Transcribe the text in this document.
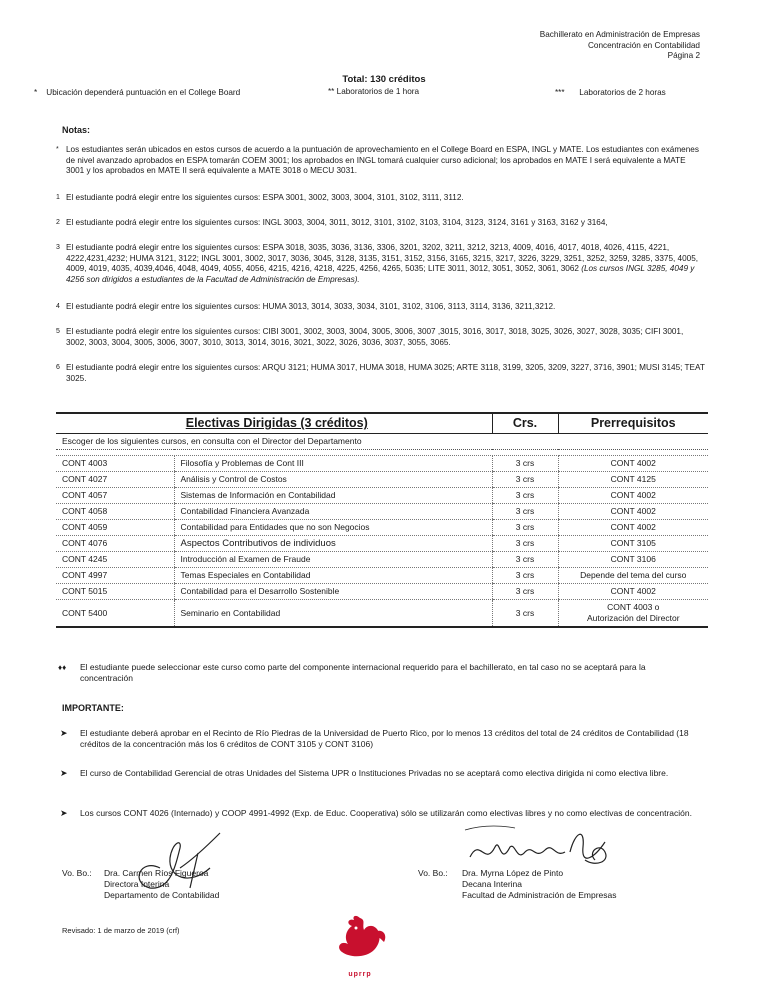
Bachillerato en Administración de Empresas
Concentración en Contabilidad
Página 2
Total: 130 créditos
* Ubicación dependerá puntuación en el College Board	** Laboratorios de 1 hora	*** Laboratorios de 2 horas
Notas:
* Los estudiantes serán ubicados en estos cursos de acuerdo a la puntuación de aprovechamiento en el College Board en ESPA, INGL y MATE. Los estudiantes con exámenes de nivel avanzado aprobados en ESPA tomarán COEM 3001; los aprobados en INGL tomará cualquier curso adicional; los aprobados en MATE I será equivalente a MATE 3001 y los aprobados en MATE II será equivalente a MATE 3018 o MECU 3031.
1 El estudiante podrá elegir entre los siguientes cursos: ESPA 3001, 3002, 3003, 3004, 3101, 3102, 3111, 3112.
2 El estudiante podrá elegir entre los siguientes cursos: INGL 3003, 3004, 3011, 3012, 3101, 3102, 3103, 3104, 3123, 3124, 3161 y 3163, 3162 y 3164,
3 El estudiante podrá elegir entre los siguientes cursos: ESPA 3018, 3035, 3036, 3136, 3306, 3201, 3202, 3211, 3212, 3213, 4009, 4016, 4017, 4018, 4026, 4115, 4221, 4222,4231,4232; HUMA 3121, 3122; INGL 3001, 3002, 3017, 3036, 3045, 3128, 3135, 3151, 3152, 3156, 3165, 3215, 3217, 3226, 3229, 3251, 3252, 3259, 3285, 3375, 4005, 4009, 4019, 4035, 4039,4046, 4048, 4049, 4055, 4056, 4215, 4216, 4218, 4225, 4256, 4265, 5035; LITE 3011, 3012, 3051, 3052, 3061, 3062 (Los cursos INGL 3285, 4049 y 4256 son dirigidos a estudiantes de la Facultad de Administración de Empresas).
4 El estudiante podrá elegir entre los siguientes cursos: HUMA 3013, 3014, 3033, 3034, 3101, 3102, 3106, 3113, 3114, 3136, 3211,3212.
5 El estudiante podrá elegir entre los siguientes cursos: CIBI 3001, 3002, 3003, 3004, 3005, 3006, 3007 ,3015, 3016, 3017, 3018, 3025, 3026, 3027, 3028, 3035; CIFI 3001, 3002, 3003, 3004, 3005, 3006, 3007, 3010, 3013, 3014, 3016, 3021, 3022, 3026, 3036, 3037, 3055, 3065.
6 El estudiante podrá elegir entre los siguientes cursos: ARQU 3121; HUMA 3017, HUMA 3018, HUMA 3025; ARTE 3118, 3199, 3205, 3209, 3227, 3716, 3901; MUSI 3145; TEAT 3025.
Electivas Dirigidas (3 créditos)		Crs.	Prerrequisitos
Escoger de los siguientes cursos, en consulta con el Director del Departamento			

CONT 4003	Filosofía y Problemas de Cont III	3 crs	CONT 4002
CONT 4027	Análisis y Control de Costos	3 crs	CONT 4125
CONT 4057	Sistemas de Información en Contabilidad	3 crs	CONT 4002
CONT 4058	Contabilidad Financiera Avanzada	3 crs	CONT 4002
CONT 4059	Contabilidad para Entidades que no son Negocios	3 crs	CONT 4002
CONT 4076	Aspectos Contributivos de individuos	3 crs	CONT 3105
CONT 4245	Introducción al Examen de Fraude	3 crs	CONT 3106
CONT 4997	Temas Especiales en Contabilidad	3 crs	Depende del tema del curso
CONT 5015	Contabilidad para el Desarrollo Sostenible	3 crs	CONT 4002
CONT 5400	Seminario en Contabilidad	3 crs	CONT 4003 o
Autorización del Director
♦♦	El estudiante puede seleccionar este curso como parte del componente internacional requerido para el bachillerato, en tal caso no se aceptará para la concentración
IMPORTANTE:
➤	El estudiante deberá aprobar en el Recinto de Río Piedras de la Universidad de Puerto Rico, por lo menos 13 créditos del total de 24 créditos de Contabilidad (18 créditos de la concentración más los 6 créditos de CONT 3105 y CONT 3106)
➤	El curso de Contabilidad Gerencial de otras Unidades del Sistema UPR o Instituciones Privadas no se aceptará como electiva dirigida ni como electiva libre.
➤	Los cursos CONT 4026 (Internado) y COOP 4991-4992 (Exp. de Educ. Cooperativa) sólo se utilizarán como electivas libres y no como electivas de concentración.
Vo. Bo.: Dra. Carmen Ríos Figueroa
Directora Interina
Departamento de Contabilidad
Vo. Bo.: Dra. Myrna López de Pinto
Decana Interina
Facultad de Administración de Empresas
Revisado: 1 de marzo de 2019 (crf)
uprrp
